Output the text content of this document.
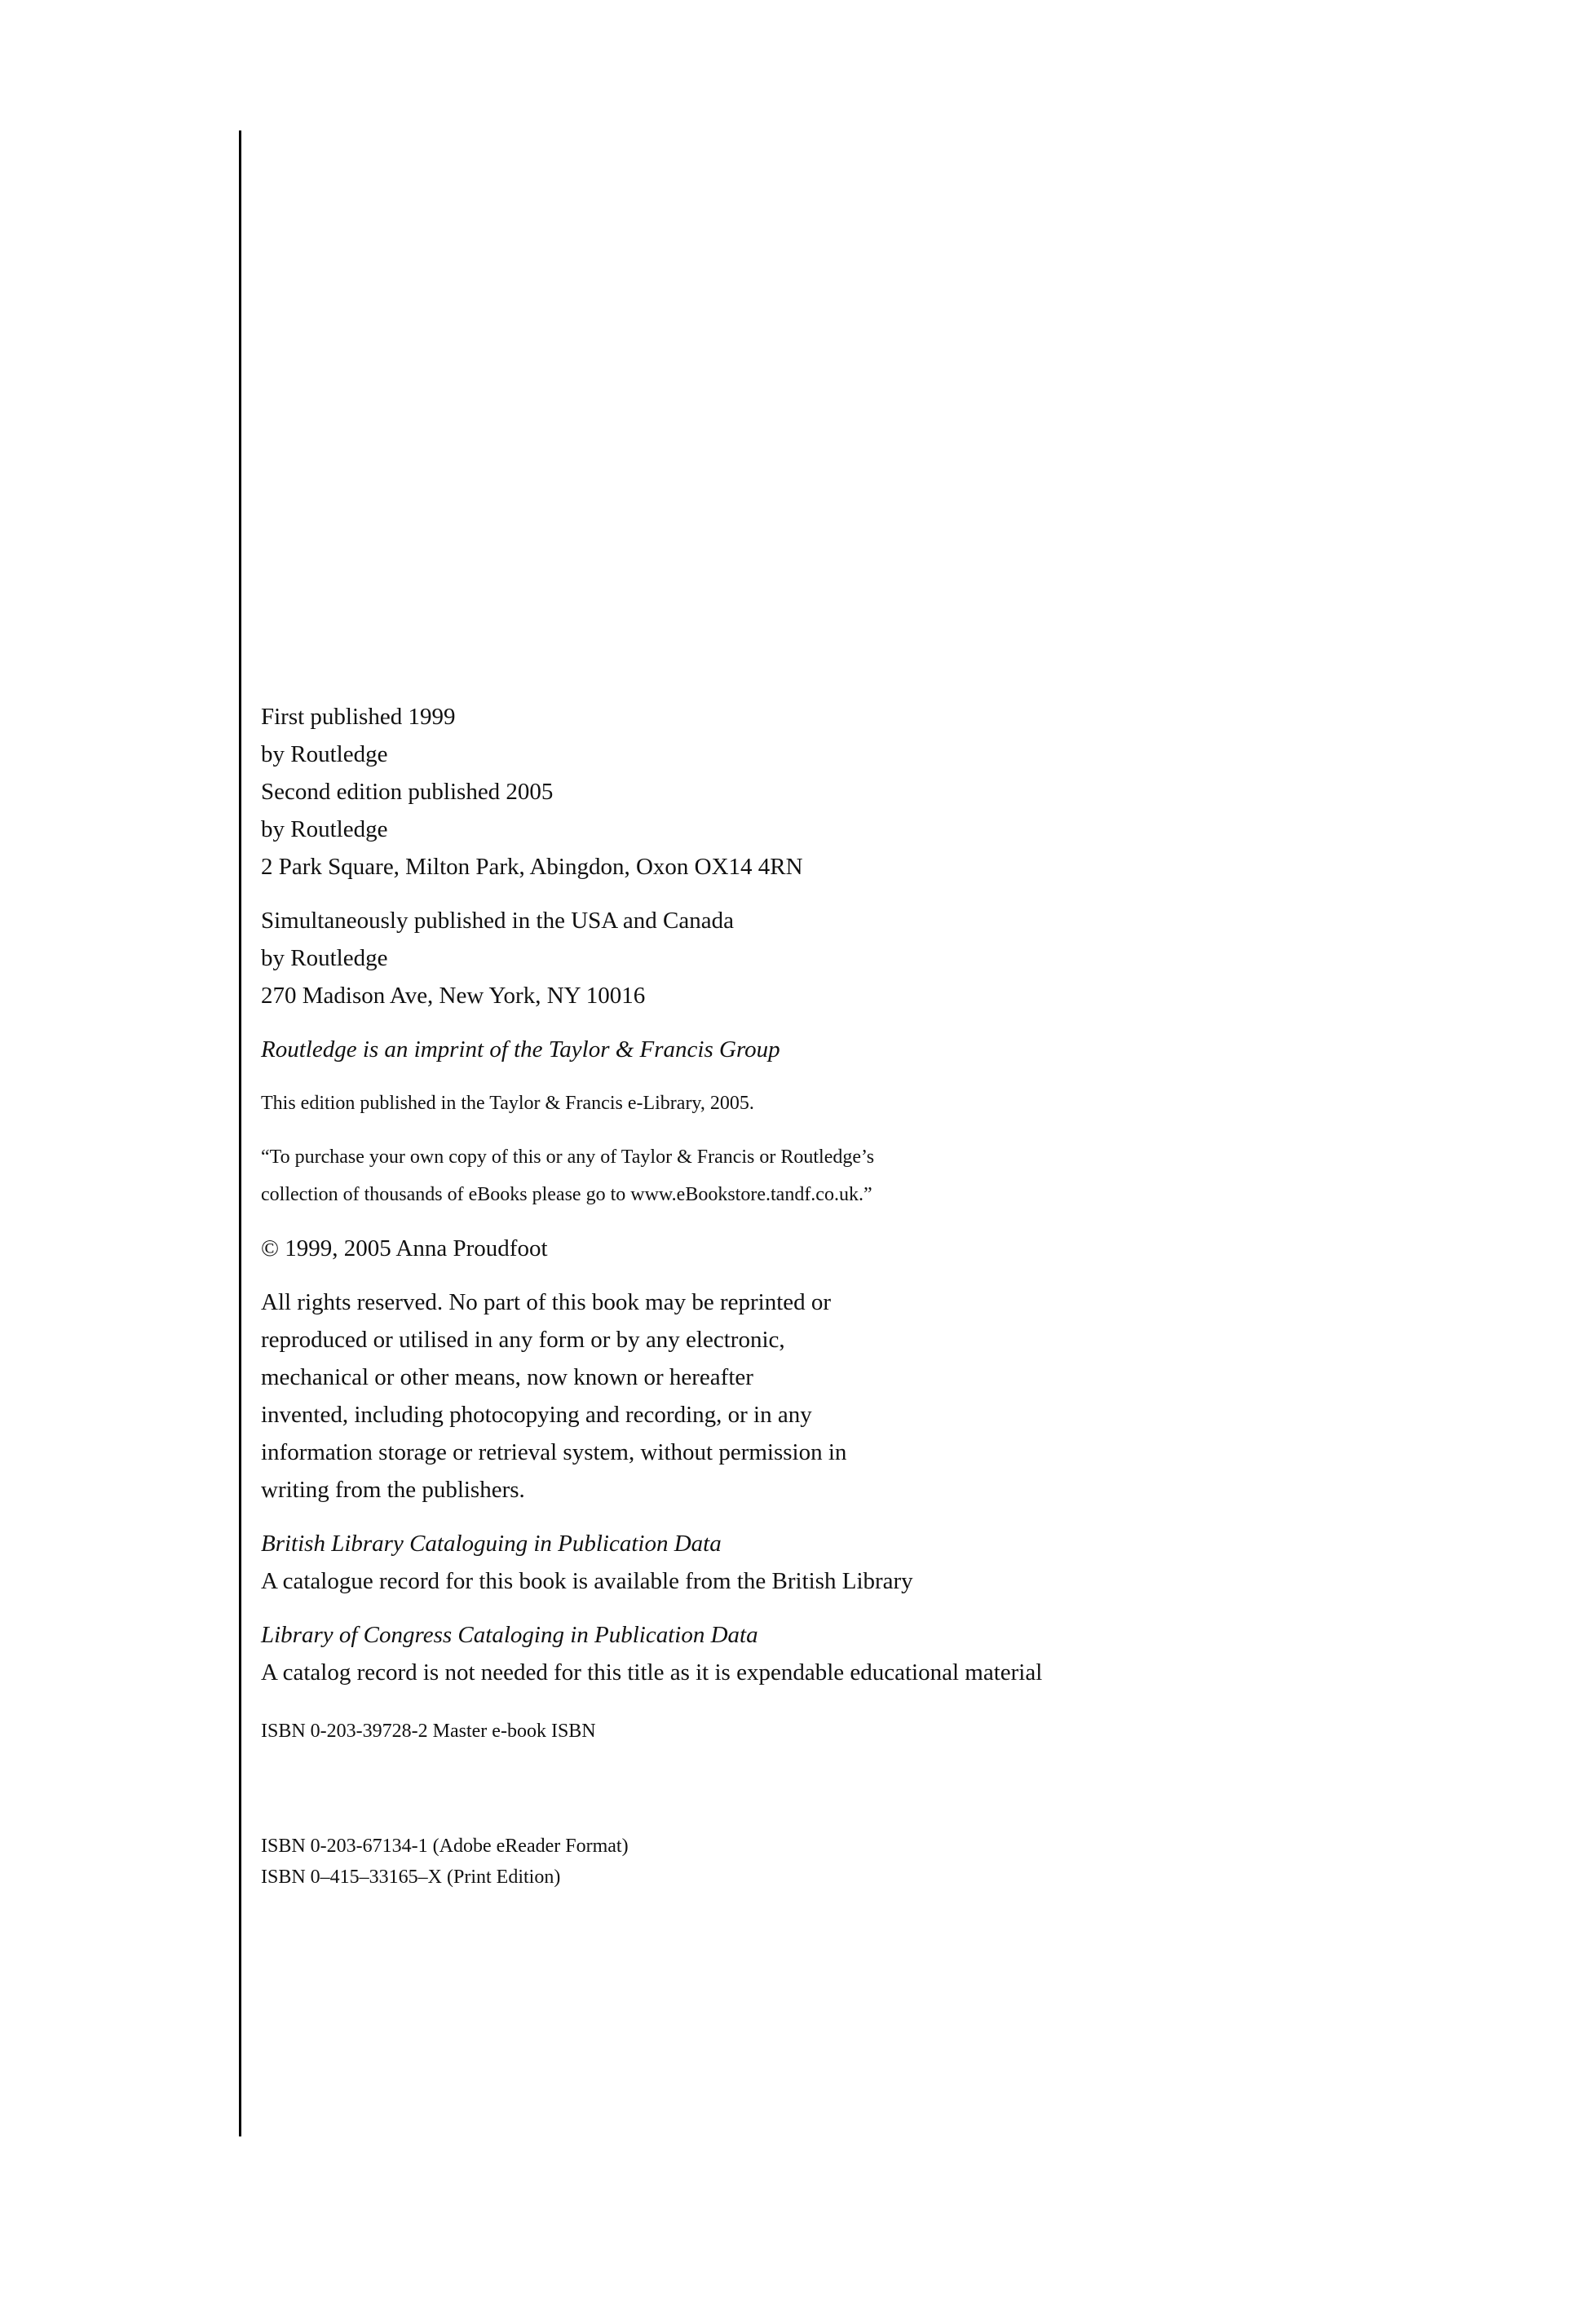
First published 1999
by Routledge
Second edition published 2005
by Routledge
2 Park Square, Milton Park, Abingdon, Oxon OX14 4RN
Simultaneously published in the USA and Canada
by Routledge
270 Madison Ave, New York, NY 10016
Routledge is an imprint of the Taylor & Francis Group
This edition published in the Taylor & Francis e-Library, 2005.
“To purchase your own copy of this or any of Taylor & Francis or Routledge’s
collection of thousands of eBooks please go to www.eBookstore.tandf.co.uk.”
© 1999, 2005 Anna Proudfoot
All rights reserved. No part of this book may be reprinted or
reproduced or utilised in any form or by any electronic,
mechanical or other means, now known or hereafter
invented, including photocopying and recording, or in any
information storage or retrieval system, without permission in
writing from the publishers.
British Library Cataloguing in Publication Data
A catalogue record for this book is available from the British Library
Library of Congress Cataloging in Publication Data
A catalog record is not needed for this title as it is expendable educational material
ISBN 0-203-39728-2 Master e-book ISBN
ISBN 0-203-67134-1 (Adobe eReader Format)
ISBN 0–415–33165–X (Print Edition)
